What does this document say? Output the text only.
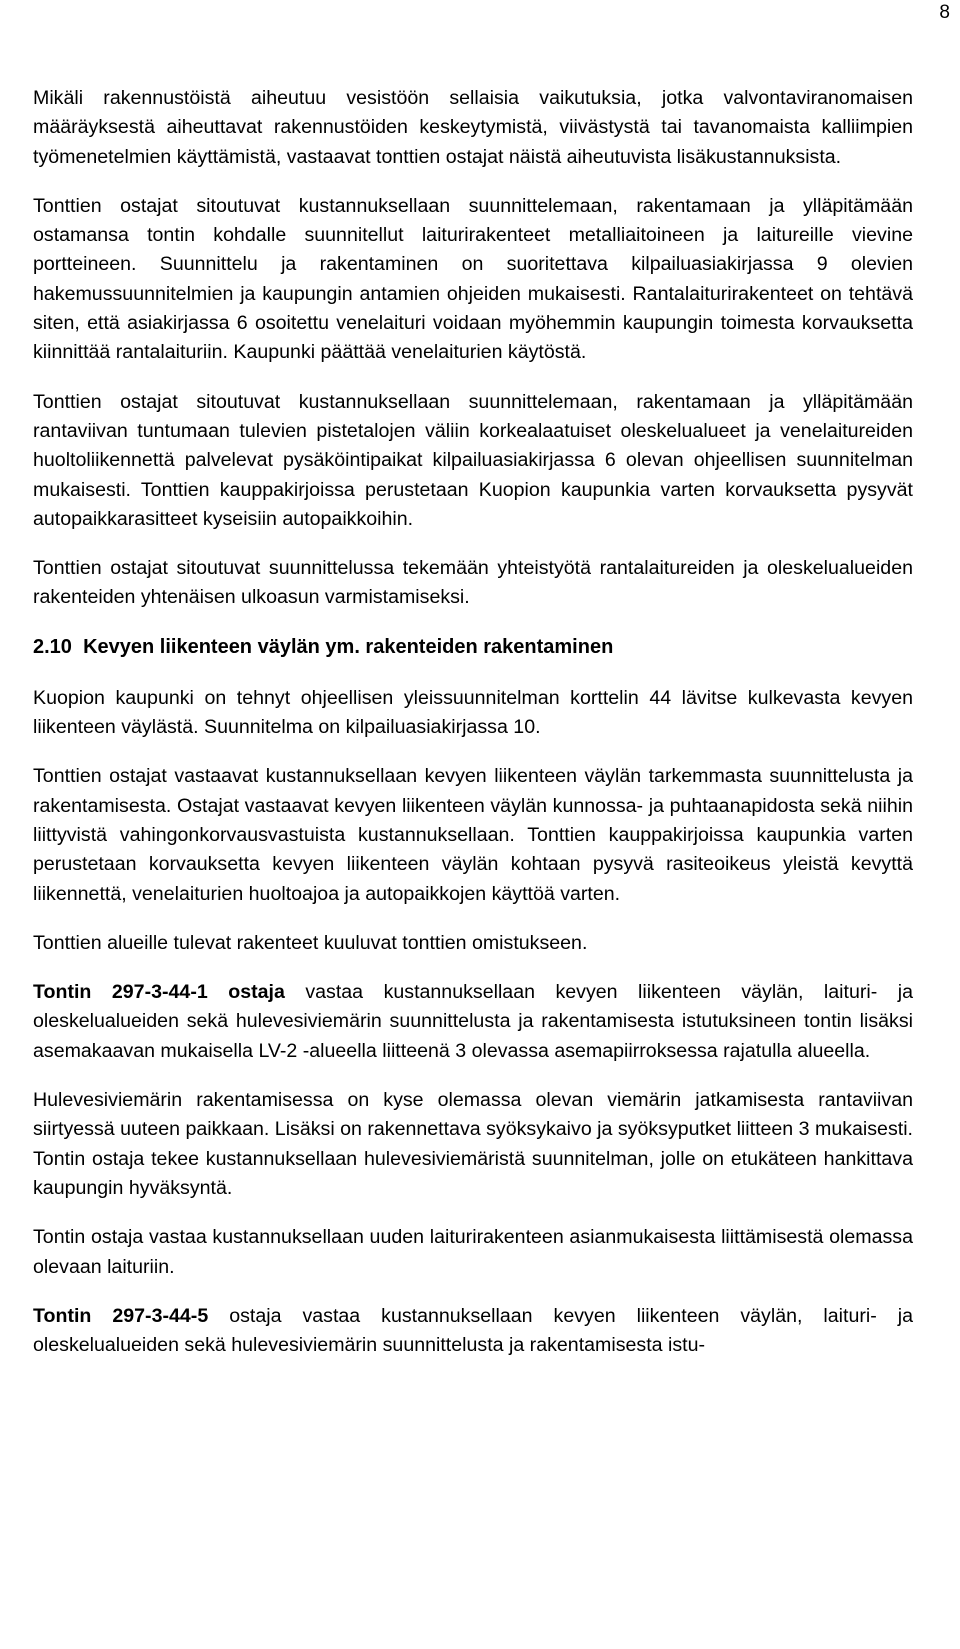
8

Mikäli rakennustöistä aiheutuu vesistöön sellaisia vaikutuksia, jotka valvontaviranomaisen määräyksestä aiheuttavat rakennustöiden keskeytymistä, viivästystä tai tavanomaista kalliimpien työmenetelmien käyttämistä, vastaavat tonttien ostajat näistä aiheutuvista lisäkustannuksista.

Tonttien ostajat sitoutuvat kustannuksellaan suunnittelemaan, rakentamaan ja ylläpitämään ostamansa tontin kohdalle suunnitellut laiturirakenteet metalliaitoineen ja laitureille vievine portteineen. Suunnittelu ja rakentaminen on suoritettava kilpailuasiakirjassa 9 olevien hakemussuunnitelmien ja kaupungin antamien ohjeiden mukaisesti. Rantalaiturirakenteet on tehtävä siten, että asiakirjassa 6 osoitettu venelaituri voidaan myöhemmin kaupungin toimesta korvauksetta kiinnittää rantalaituriin. Kaupunki päättää venelaiturien käytöstä.

Tonttien ostajat sitoutuvat kustannuksellaan suunnittelemaan, rakentamaan ja ylläpitämään rantaviivan tuntumaan tulevien pistetalojen väliin korkealaatuiset oleskelualueet ja venelaitureiden huoltoliikennettä palvelevat pysäköintipaikat kilpailuasiakirjassa 6 olevan ohjeellisen suunnitelman mukaisesti. Tonttien kauppakirjoissa perustetaan Kuopion kaupunkia varten korvauksetta pysyvät autopaikkarasitteet kyseisiin autopaikkoihin.

Tonttien ostajat sitoutuvat suunnittelussa tekemään yhteistyötä rantalaitureiden ja oleskelualueiden rakenteiden yhtenäisen ulkoasun varmistamiseksi.

2.10 Kevyen liikenteen väylän ym. rakenteiden rakentaminen

Kuopion kaupunki on tehnyt ohjeellisen yleissuunnitelman korttelin 44 lävitse kulkevasta kevyen liikenteen väylästä. Suunnitelma on kilpailuasiakirjassa 10.

Tonttien ostajat vastaavat kustannuksellaan kevyen liikenteen väylän tarkemmasta suunnittelusta ja rakentamisesta. Ostajat vastaavat kevyen liikenteen väylän kunnossa- ja puhtaanapidosta sekä niihin liittyvistä vahingonkorvausvastuista kustannuksellaan. Tonttien kauppakirjoissa kaupunkia varten perustetaan korvauksetta kevyen liikenteen väylän kohtaan pysyvä rasiteoikeus yleistä kevyttä liikennettä, venelaiturien huoltoajoa ja autopaikkojen käyttöä varten.

Tonttien alueille tulevat rakenteet kuuluvat tonttien omistukseen.

Tontin 297-3-44-1 ostaja vastaa kustannuksellaan kevyen liikenteen väylän, laituri- ja oleskelualueiden sekä hulevesiviemärin suunnittelusta ja rakentamisesta istutuksineen tontin lisäksi asemakaavan mukaisella LV-2 -alueella liitteenä 3 olevassa asemapiirroksessa rajatulla alueella.

Hulevesiviemärin rakentamisessa on kyse olemassa olevan viemärin jatkamisesta rantaviivan siirtyessä uuteen paikkaan. Lisäksi on rakennettava syöksykaivo ja syöksyputket liitteen 3 mukaisesti. Tontin ostaja tekee kustannuksellaan hulevesiviemäristä suunnitelman, jolle on etukäteen hankittava kaupungin hyväksyntä.

Tontin ostaja vastaa kustannuksellaan uuden laiturirakenteen asianmukaisesta liittämisestä olemassa olevaan laituriin.

Tontin 297-3-44-5 ostaja vastaa kustannuksellaan kevyen liikenteen väylän, laituri- ja oleskelualueiden sekä hulevesiviemärin suunnittelusta ja rakentamisesta istu-
